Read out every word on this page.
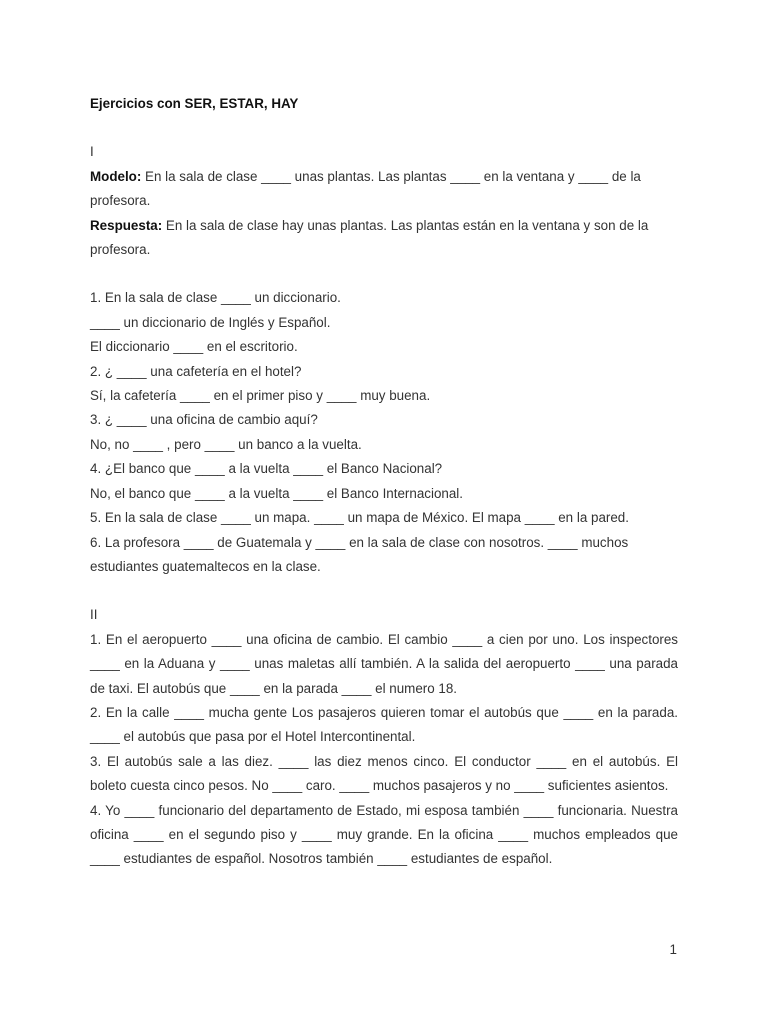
Ejercicios con SER, ESTAR, HAY

I

Modelo: En la sala de clase ____ unas plantas. Las plantas ____ en la ventana y ____ de la profesora.

Respuesta: En la sala de clase hay unas plantas. Las plantas están en la ventana y son de la profesora.

1. En la sala de clase ____ un diccionario.

____ un diccionario de Inglés y Español.

El diccionario ____ en el escritorio.

2. ¿ ____ una cafetería en el hotel?

Sí, la cafetería ____ en el primer piso y ____ muy buena.

3. ¿ ____ una oficina de cambio aquí?

No, no ____ , pero ____ un banco a la vuelta.

4. ¿El banco que ____ a la vuelta ____ el Banco Nacional?

No, el banco que ____ a la vuelta ____ el Banco Internacional.

5. En la sala de clase ____ un mapa. ____ un mapa de México. El mapa ____ en la pared.

6. La profesora ____ de Guatemala y ____ en la sala de clase con nosotros. ____ muchos estudiantes guatemaltecos en la clase.

II

1. En el aeropuerto ____ una oficina de cambio. El cambio ____ a cien por uno. Los inspectores ____ en la Aduana y ____ unas maletas allí también. A la salida del aeropuerto ____ una parada de taxi. El autobús que ____ en la parada ____ el numero 18.

2. En la calle ____ mucha gente Los pasajeros quieren tomar el autobús que ____ en la parada. ____ el autobús que pasa por el Hotel Intercontinental.

3. El autobús sale a las diez. ____ las diez menos cinco. El conductor ____ en el autobús. El boleto cuesta cinco pesos. No ____ caro. ____ muchos pasajeros y no ____ suficientes asientos.

4. Yo ____ funcionario del departamento de Estado, mi esposa también ____ funcionaria. Nuestra oficina ____ en el segundo piso y ____ muy grande. En la oficina ____ muchos empleados que ____ estudiantes de español. Nosotros también ____ estudiantes de español.

1
